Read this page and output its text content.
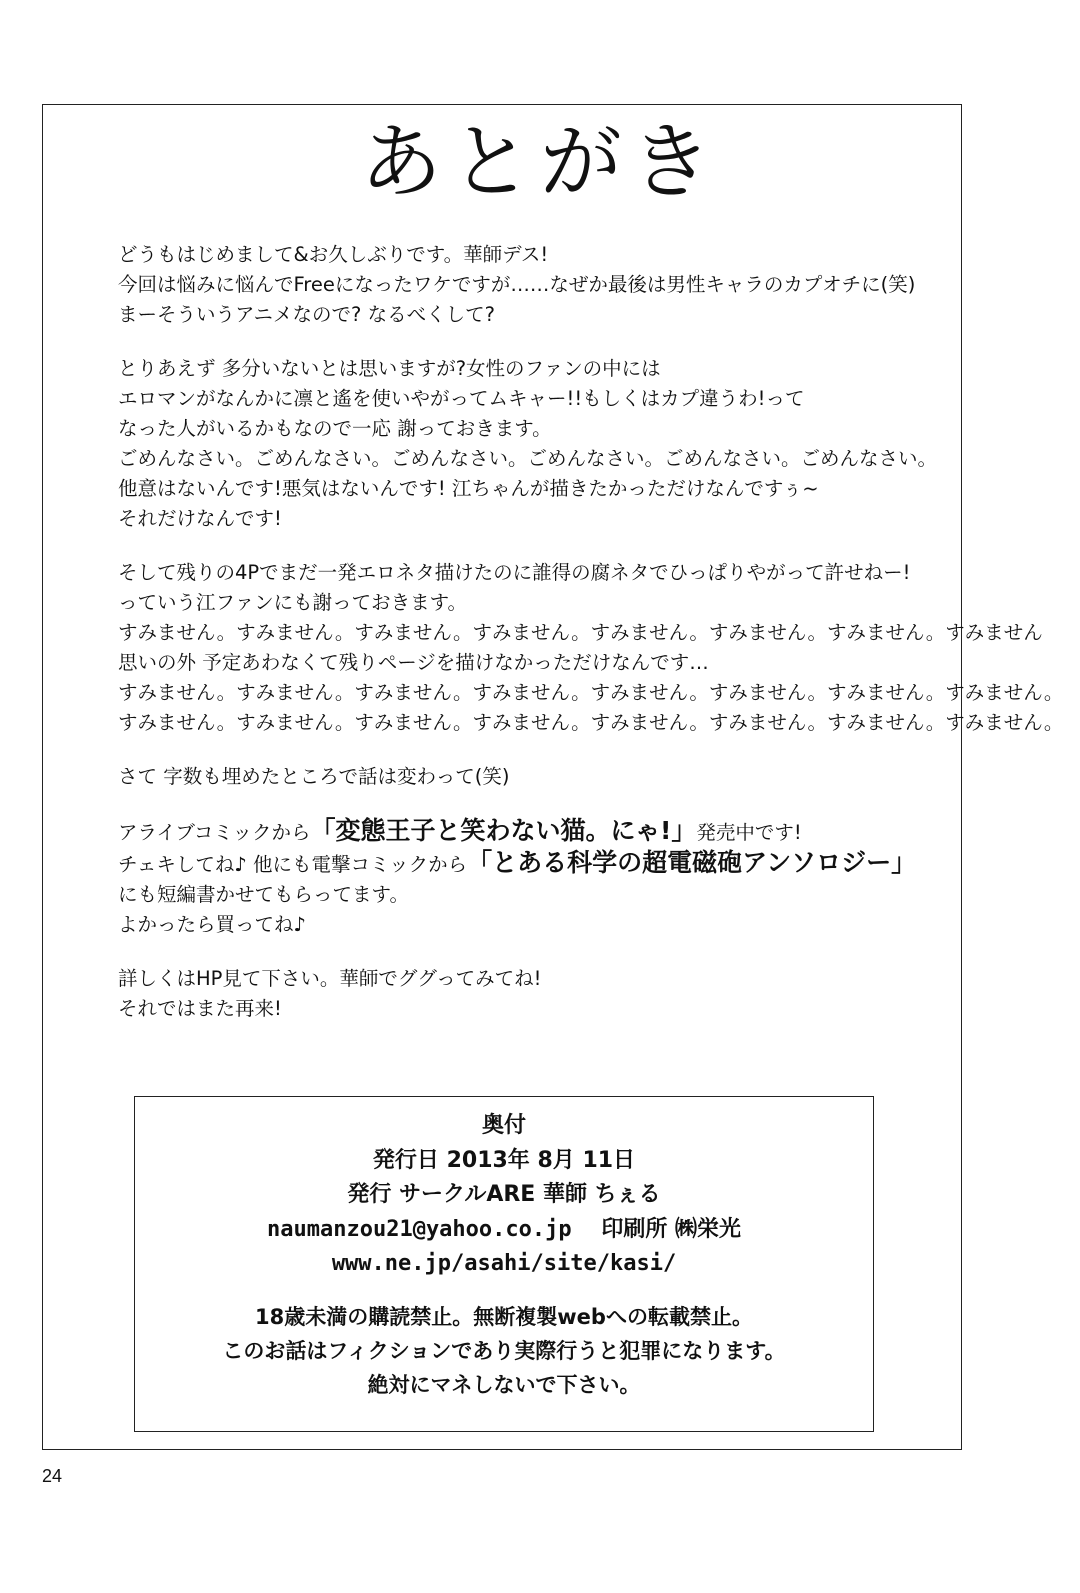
あとがき
どうもはじめまして&お久しぶりです。華師デス!
今回は悩みに悩んでFreeになったワケですが……なぜか最後は男性キャラのカプオチに(笑)
まーそういうアニメなので? なるべくして?
とりあえず 多分いないとは思いますが?女性のファンの中には
エロマンがなんかに凛と遙を使いやがってムキャー!!もしくはカプ違うわ!って
なった人がいるかもなので一応 謝っておきます。
ごめんなさい。ごめんなさい。ごめんなさい。ごめんなさい。ごめんなさい。ごめんなさい。
他意はないんです!悪気はないんです! 江ちゃんが描きたかっただけなんですぅ~
それだけなんです!
そして残りの4Pでまだ一発エロネタ描けたのに誰得の腐ネタでひっぱりやがって許せねー!
っていう江ファンにも謝っておきます。
すみません。すみません。すみません。すみません。すみません。すみません。すみません。すみません
思いの外 予定あわなくて残りページを描けなかっただけなんです…
すみません。すみません。すみません。すみません。すみません。すみません。すみません。すみません。
すみません。すみません。すみません。すみません。すみません。すみません。すみません。すみません。
さて 字数も埋めたところで話は変わって(笑)
アライブコミックから「変態王子と笑わない猫。にゃ!」発売中です!
チェキしてね♪ 他にも電撃コミックから「とある科学の超電磁砲アンソロジー」
にも短編書かせてもらってます。
よかったら買ってね♪
詳しくはHP見て下さい。華師でググってみてね!
それではまた再来!
奥付
発行日 2013年 8月 11日
発行 サークルARE 華師 ちぇる
naumanzou21@yahoo.co.jp 印刷所 ㈱栄光
www.ne.jp/asahi/site/kasi/
18歳未満の購読禁止。無断複製webへの転載禁止。
このお話はフィクションであり実際行うと犯罪になります。
絶対にマネしないで下さい。
24
